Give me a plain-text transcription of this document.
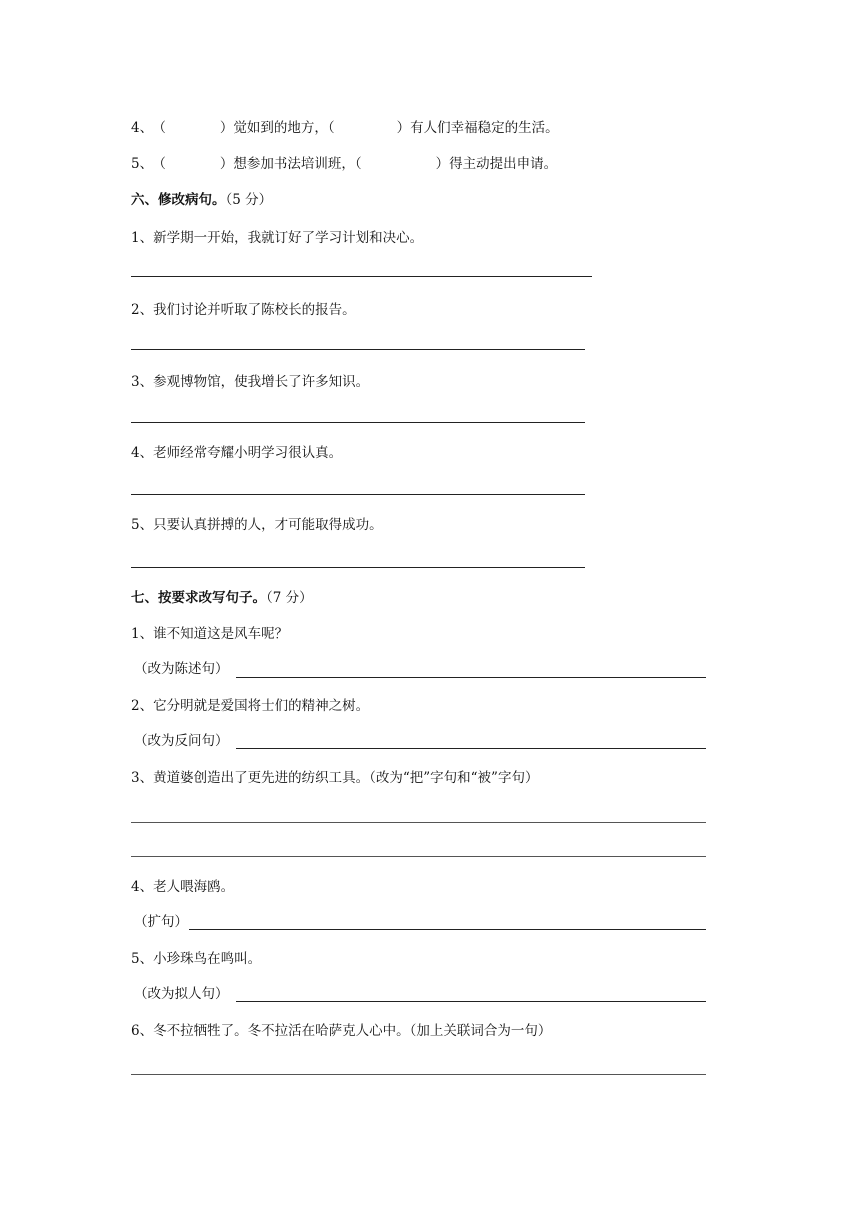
4、 （	）觉如到的地方，（	）有人们幸福稳定的生活。
5、 （	）想参加书法培训班，（	）得主动提出申请。
六、修改病句。（5 分）
1、新学期一开始，我就订好了学习计划和决心。
2、我们讨论并听取了陈校长的报告。
3、参观博物馆，使我增长了许多知识。
4、老师经常夸耀小明学习很认真。
5、只要认真拼搏的人，才可能取得成功。
七、按要求改写句子。（7 分）
1、谁不知道这是风车呢？
（改为陈述句）
2、它分明就是爱国将士们的精神之树。
（改为反问句）
3、黄道婆创造出了更先进的纺织工具。（改为“把”字句和“被”字句）
4、老人喂海鸥。
（扩句）
5、小珍珠鸟在鸣叫。
（改为拟人句）
6、冬不拉牺牲了。冬不拉活在哈萨克人心中。（加上关联词合为一句）
